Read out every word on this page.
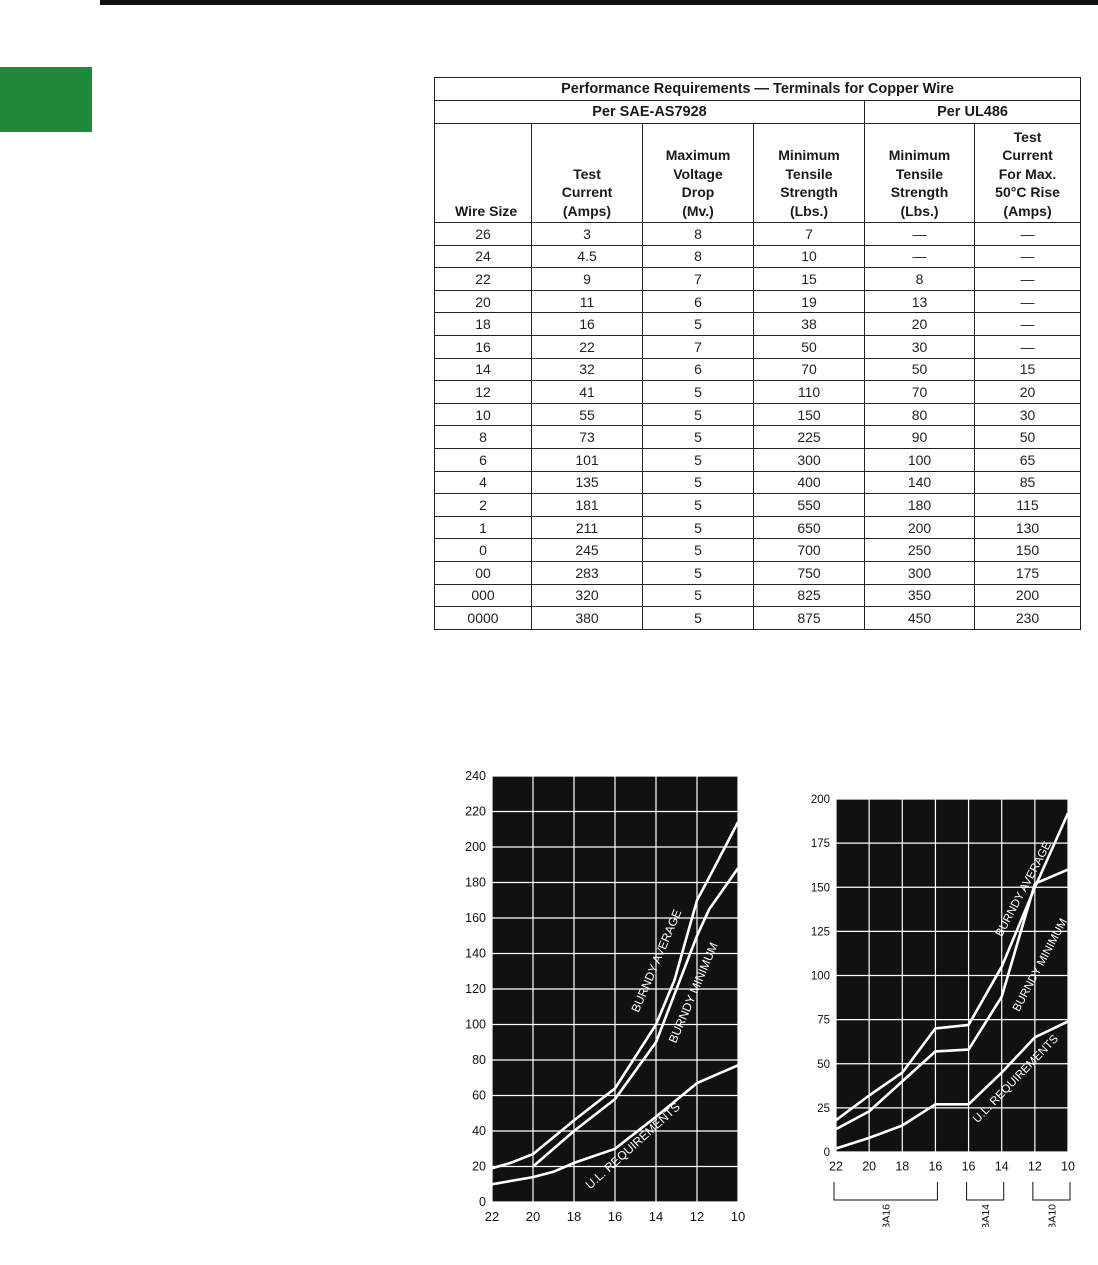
Performance Requirements — Terminals for Copper Wire					
Per SAE-AS7928				Per UL486	
Wire Size	Test
Current
(Amps)	Maximum
Voltage
Drop
(Mv.)	Minimum
Tensile
Strength
(Lbs.)	Minimum
Tensile
Strength
(Lbs.)	Test
Current
For Max.
50°C Rise
(Amps)
26	3	8	7	—	—
24	4.5	8	10	—	—
22	9	7	15	8	—
20	11	6	19	13	—
18	16	5	38	20	—
16	22	7	50	30	—
14	32	6	70	50	15
12	41	5	110	70	20
10	55	5	150	80	30
8	73	5	225	90	50
6	101	5	300	100	65
4	135	5	400	140	85
2	181	5	550	180	115
1	211	5	650	200	130
0	245	5	700	250	150
00	283	5	750	300	175
000	320	5	825	350	200
0000	380	5	875	450	230
0
20
40
60
80
100
120
140
160
180
200
220
240
22 20 18 16 14 12 10
BURNDY AVERAGE
BURNDY MINIMUM
U.L. REQUIREMENTS	0
25
50
75
100
125
150
175
200
22 20 18 16 16 14 12 10
BURNDY AVERAGE
BURNDY MINIMUM
U.L. REQUIREMENTS
BA16	BA14	BA10
